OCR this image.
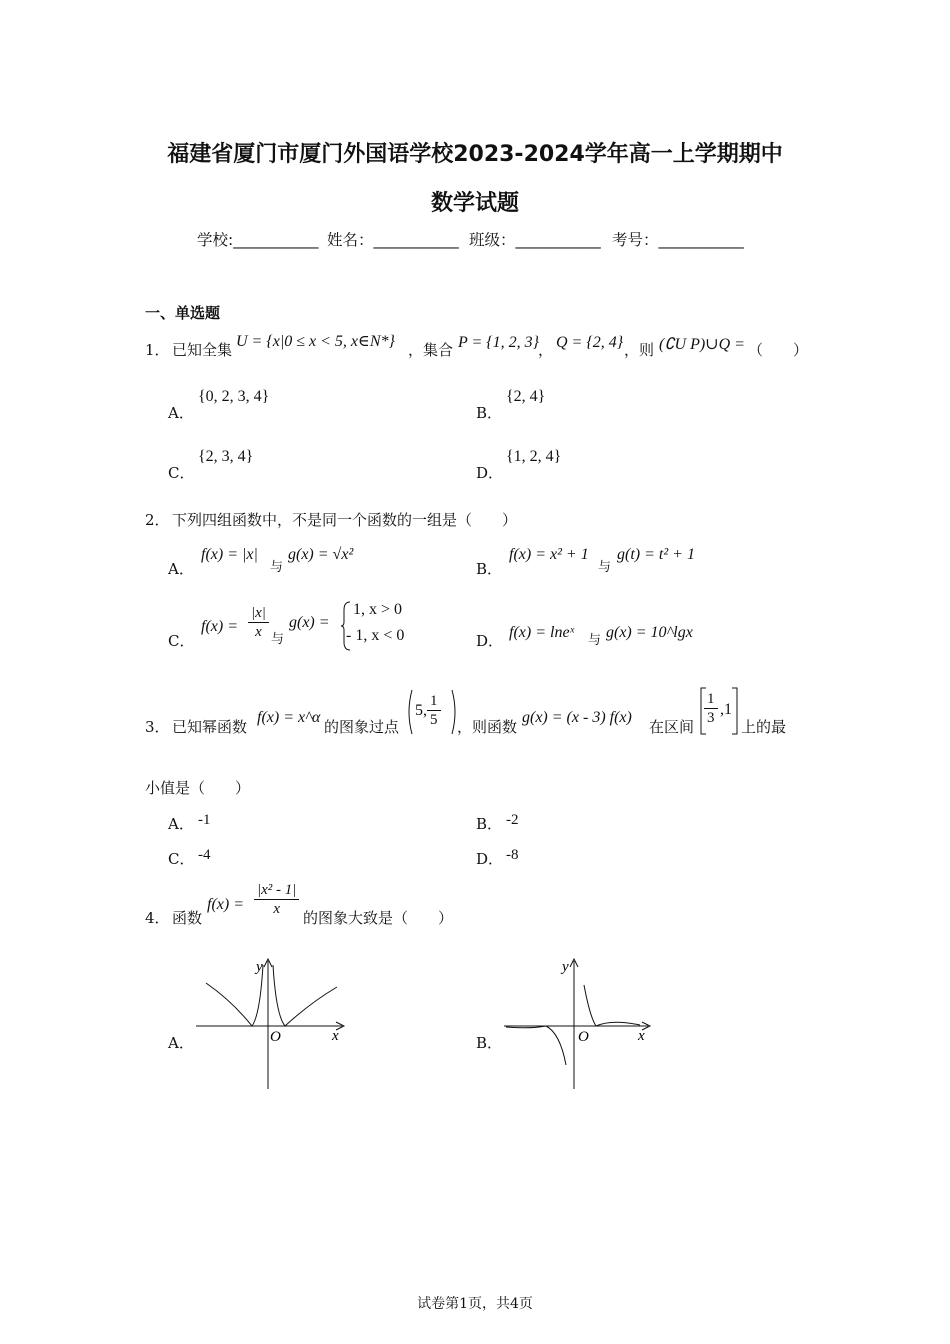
福建省厦门市厦门外国语学校2023-2024学年高一上学期期中
数学试题
学校:___________ 姓名：___________ 班级：___________ 考号：___________
一、单选题
1． 已知全集 U = {x|0 ≤ x < 5, x∈N*} ，集合 P = {1, 2, 3}
， Q = {2, 4} ，则 (∁U P)∪Q = （　　）
A．
{0, 2, 3, 4}
B．
{2, 4}
C．
{2, 3, 4}
D．
{1, 2, 4}
2． 下列四组函数中，不是同一个函数的一组是（　　）
A．
f(x) = |x|
与
g(x) = √x²
B．
f(x) = x² + 1
与
g(t) = t² + 1
C．
$f(x) = \frac{|x|}{x}$ 与
g(x) =
1, x > 0
- 1, x < 0	D． f(x) = lneˣ 与 g(x) = 10^lgx
3． 已知幂函数
f(x) = x^α
的图象过点
5, $\frac{1}{5}$ ，则函数
g(x) = (x - 3) f(x)
在区间 $\frac{1}{3} ,1$
上的最
小值是（　　）
A． -1	B． -2
C． -4	D． -8
4． 函数
$f(x) = \frac{\text{|x² - 1|}}{x}$ 的图象大致是（　　）
A．
y
O	x	B．
y
O	x
试卷第1页，共4页
